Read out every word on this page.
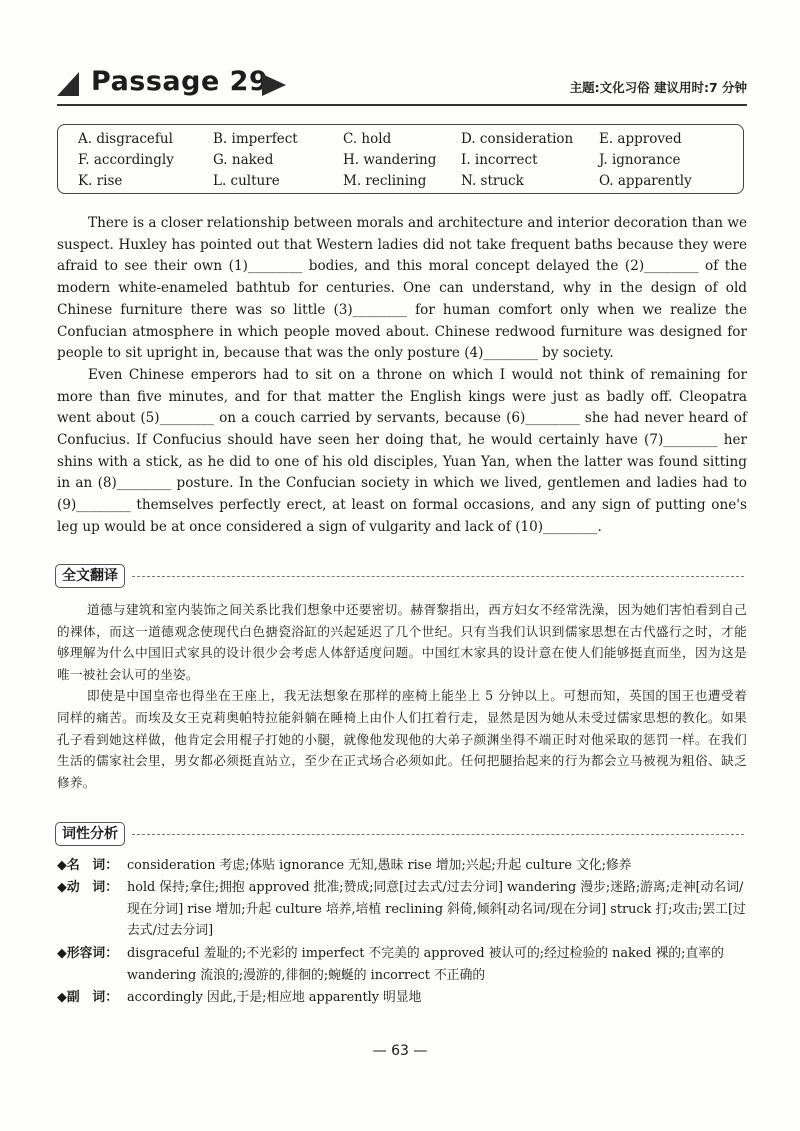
Passage 29	主题:文化习俗 建议用时:7 分钟
A. disgraceful	B. imperfect	C. hold	D. consideration E. approved
F. accordingly	G. naked	H. wandering I. incorrect	J. ignorance
K. rise	L. culture	M. reclining	N. struck	O. apparently

There is a closer relationship between morals and architecture and interior decoration than we suspect. Huxley has pointed out that Western ladies did not take frequent baths because they were afraid to see their own (1)________ bodies, and this moral concept delayed the (2)________ of the modern white-enameled bathtub for centuries. One can understand, why in the design of old Chinese furniture there was so little (3)________ for human comfort only when we realize the Confucian atmosphere in which people moved about. Chinese redwood furniture was designed for people to sit upright in, because that was the only posture (4)________ by society.

Even Chinese emperors had to sit on a throne on which I would not think of remaining for more than five minutes, and for that matter the English kings were just as badly off. Cleopatra went about (5)________ on a couch carried by servants, because (6)________ she had never heard of Confucius. If Confucius should have seen her doing that, he would certainly have (7)________ her shins with a stick, as he did to one of his old disciples, Yuan Yan, when the latter was found sitting in an (8)________ posture. In the Confucian society in which we lived, gentlemen and ladies had to (9)________ themselves perfectly erect, at least on formal occasions, and any sign of putting one's leg up would be at once considered a sign of vulgarity and lack of (10)________.

全文翻译

道德与建筑和室内装饰之间关系比我们想象中还要密切。赫胥黎指出，西方妇女不经常洗澡，因为她们害怕看到自己的裸体，而这一道德观念使现代白色搪瓷浴缸的兴起延迟了几个世纪。只有当我们认识到儒家思想在古代盛行之时，才能够理解为什么中国旧式家具的设计很少会考虑人体舒适度问题。中国红木家具的设计意在使人们能够挺直而坐，因为这是唯一被社会认可的坐姿。

即使是中国皇帝也得坐在王座上，我无法想象在那样的座椅上能坐上 5 分钟以上。可想而知，英国的国王也遭受着同样的痛苦。而埃及女王克莉奥帕特拉能斜躺在睡椅上由仆人们扛着行走，显然是因为她从未受过儒家思想的教化。如果孔子看到她这样做，他肯定会用棍子打她的小腿，就像他发现他的大弟子颜渊坐得不端正时对他采取的惩罚一样。在我们生活的儒家社会里，男女都必须挺直站立，至少在正式场合必须如此。任何把腿抬起来的行为都会立马被视为粗俗、缺乏修养。

词性分析
◆名　词： consideration 考虑;体贴 ignorance 无知,愚昧 rise 增加;兴起;升起 culture 文化;修养
◆动　词： hold 保持;拿住;拥抱 approved 批准;赞成;同意[过去式/过去分词] wandering 漫步;迷路;游离;走神[动名词/现在分词] rise 增加;升起 culture 培养,培植 reclining 斜倚,倾斜[动名词/现在分词] struck 打;攻击;罢工[过去式/过去分词]
◆形容词： disgraceful 羞耻的;不光彩的 imperfect 不完美的 approved 被认可的;经过检验的 naked 裸的;直率的 wandering 流浪的;漫游的,徘徊的;蜿蜒的 incorrect 不正确的
◆副　词： accordingly 因此,于是;相应地 apparently 明显地
— 63 —
